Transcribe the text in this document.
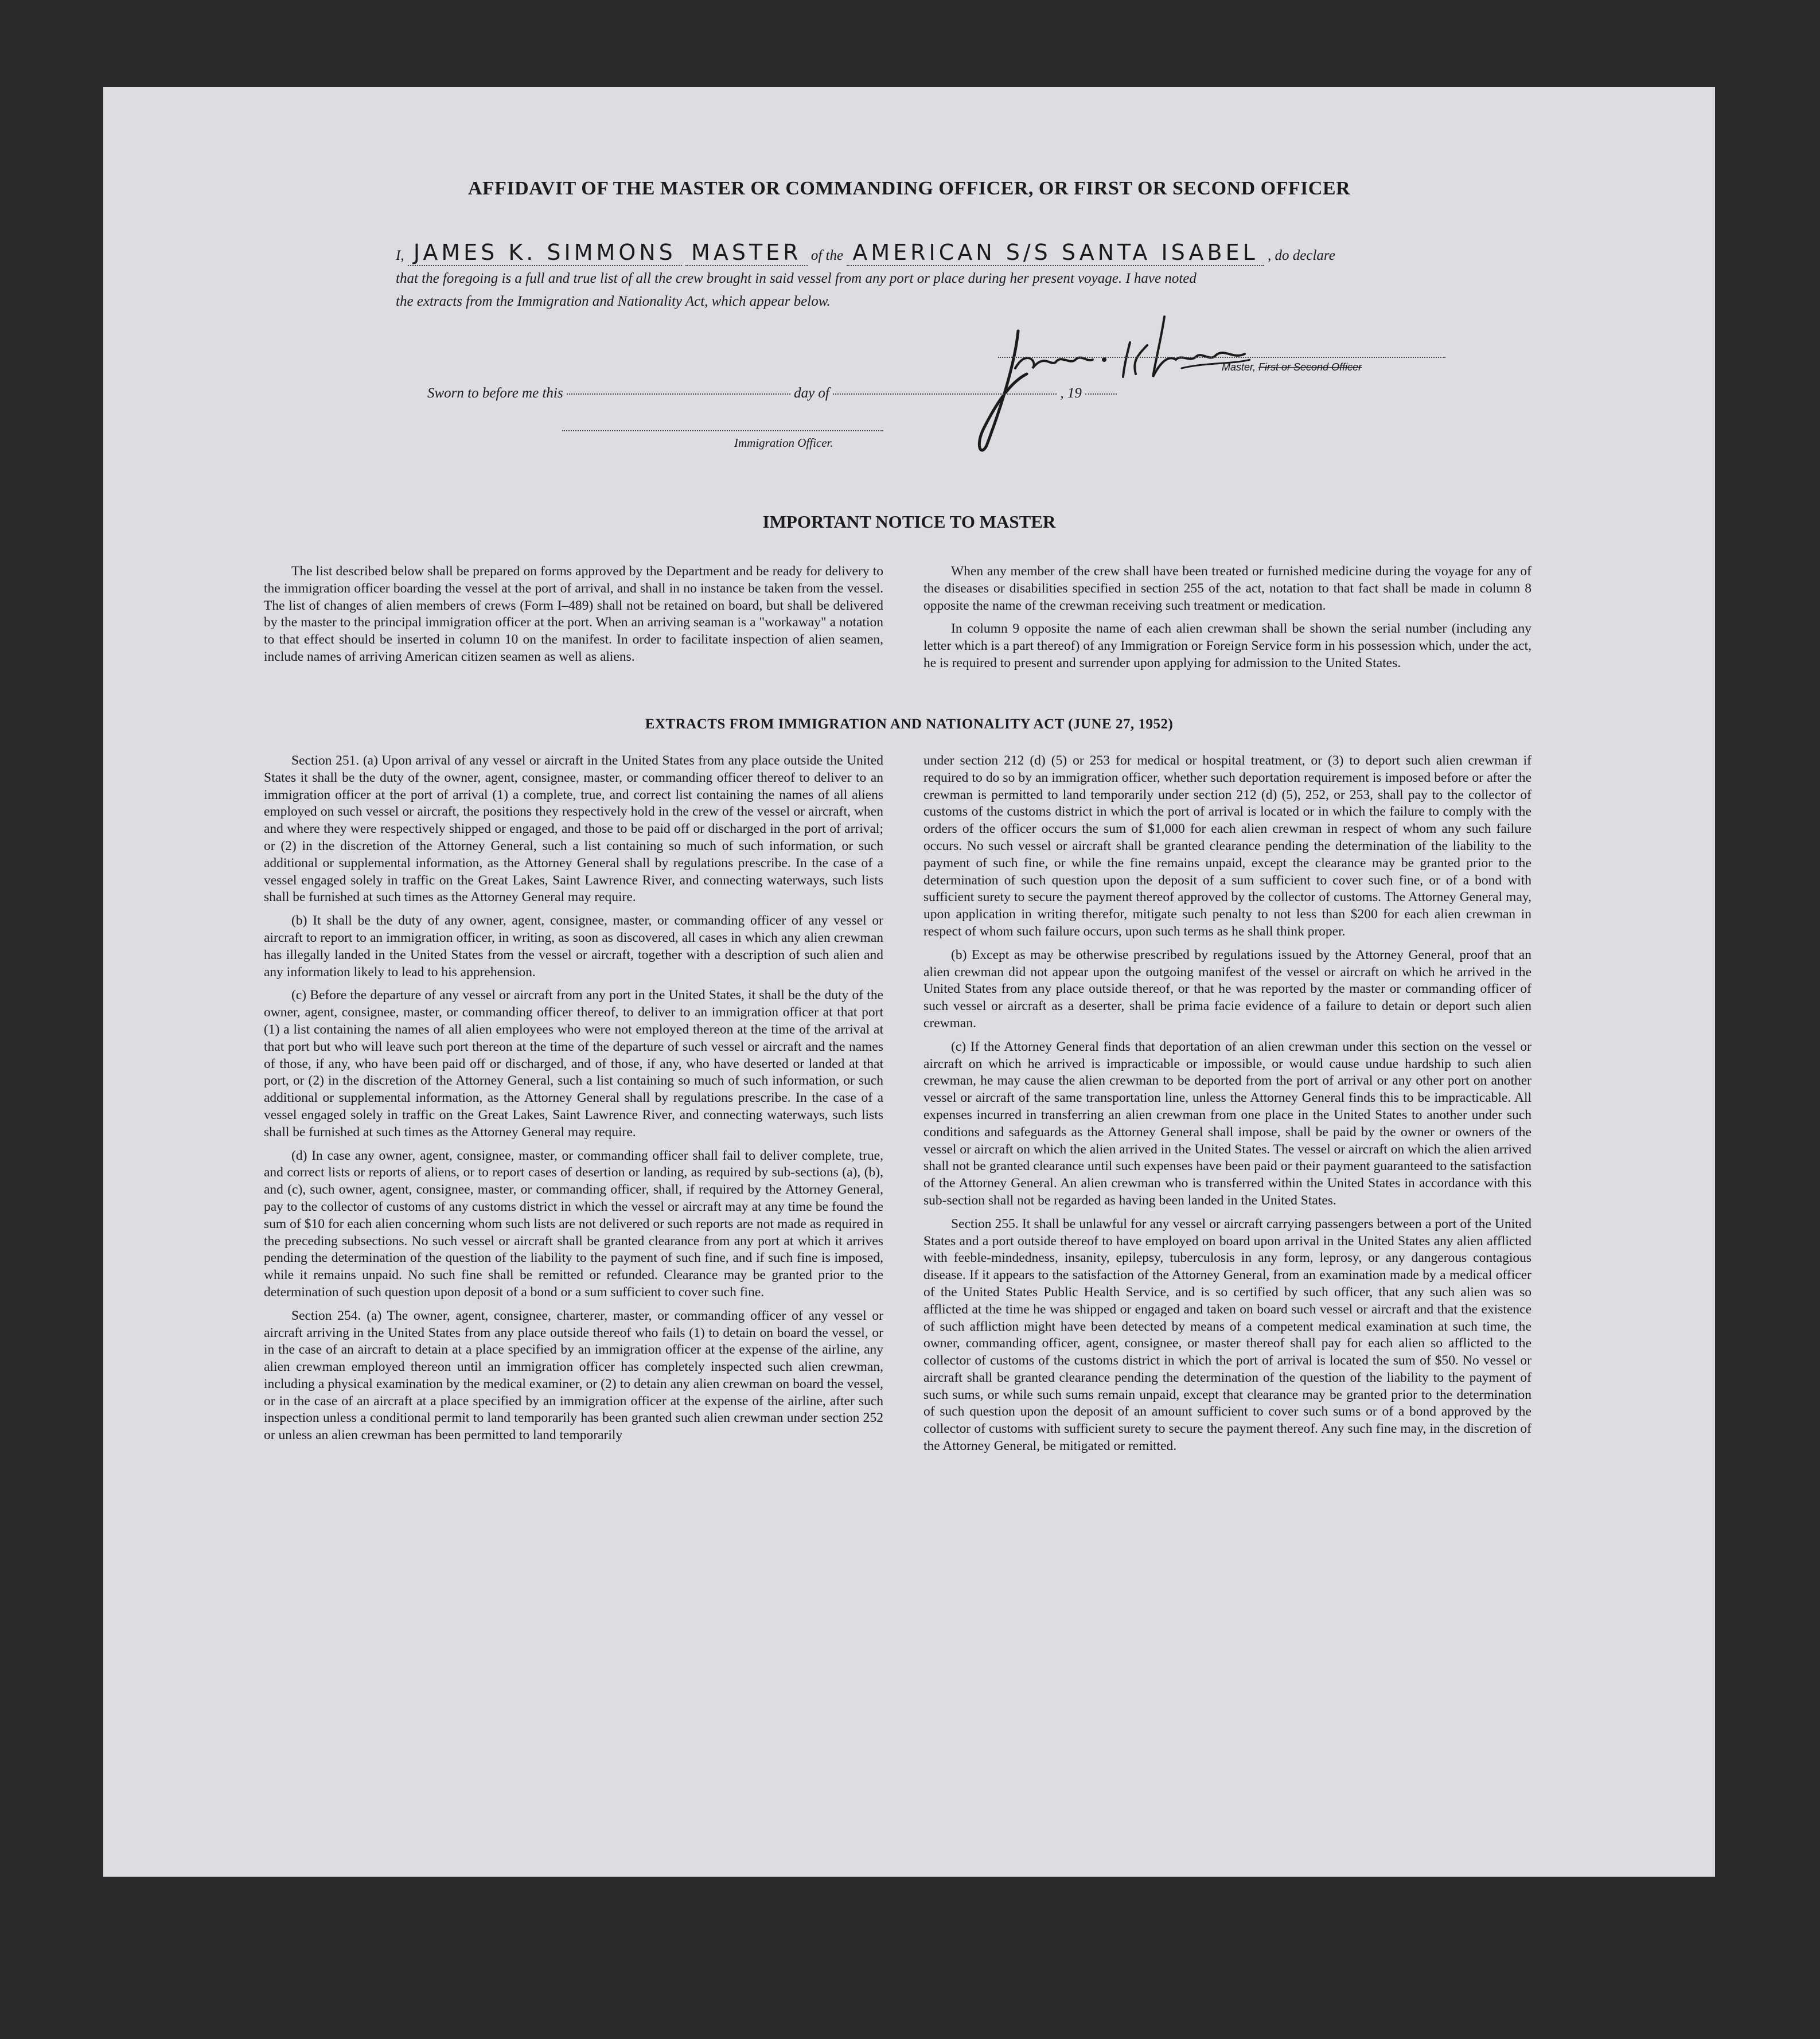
AFFIDAVIT OF THE MASTER OR COMMANDING OFFICER, OR FIRST OR SECOND OFFICER
I, JAMES K. SIMMONS MASTER of the AMERICAN S/S SANTA ISABEL , do declare
that the foregoing is a full and true list of all the crew brought in said vessel from any port or place during her present voyage. I have noted
the extracts from the Immigration and Nationality Act, which appear below.
Master, First or Second Officer
Sworn to before me this	day of	, 19
Immigration Officer.
IMPORTANT NOTICE TO MASTER

The list described below shall be prepared on forms approved by the Department and be ready for delivery to the immigration officer boarding the vessel at the port of arrival, and shall in no instance be taken from the vessel. The list of changes of alien members of crews (Form I–489) shall not be retained on board, but shall be delivered by the master to the principal immigration officer at the port. When an arriving seaman is a "workaway" a notation to that effect should be inserted in column 10 on the manifest. In order to facilitate inspection of alien seamen, include names of arriving American citizen seamen as well as aliens.

When any member of the crew shall have been treated or furnished medicine during the voyage for any of the diseases or disabilities specified in section 255 of the act, notation to that fact shall be made in column 8 opposite the name of the crewman receiving such treatment or medication.

In column 9 opposite the name of each alien crewman shall be shown the serial number (including any letter which is a part thereof) of any Immigration or Foreign Service form in his possession which, under the act, he is required to present and surrender upon applying for admission to the United States.

EXTRACTS FROM IMMIGRATION AND NATIONALITY ACT (JUNE 27, 1952)

Section 251. (a) Upon arrival of any vessel or aircraft in the United States from any place outside the United States it shall be the duty of the owner, agent, consignee, master, or commanding officer thereof to deliver to an immigration officer at the port of arrival (1) a complete, true, and correct list containing the names of all aliens employed on such vessel or aircraft, the positions they respectively hold in the crew of the vessel or aircraft, when and where they were respectively shipped or engaged, and those to be paid off or discharged in the port of arrival; or (2) in the discretion of the Attorney General, such a list containing so much of such information, or such additional or supplemental information, as the Attorney General shall by regulations prescribe. In the case of a vessel engaged solely in traffic on the Great Lakes, Saint Lawrence River, and connecting waterways, such lists shall be furnished at such times as the Attorney General may require.

(b) It shall be the duty of any owner, agent, consignee, master, or commanding officer of any vessel or aircraft to report to an immigration officer, in writing, as soon as discovered, all cases in which any alien crewman has illegally landed in the United States from the vessel or aircraft, together with a description of such alien and any information likely to lead to his apprehension.

(c) Before the departure of any vessel or aircraft from any port in the United States, it shall be the duty of the owner, agent, consignee, master, or commanding officer thereof, to deliver to an immigration officer at that port (1) a list containing the names of all alien employees who were not employed thereon at the time of the arrival at that port but who will leave such port thereon at the time of the departure of such vessel or aircraft and the names of those, if any, who have been paid off or discharged, and of those, if any, who have deserted or landed at that port, or (2) in the discretion of the Attorney General, such a list containing so much of such information, or such additional or supplemental information, as the Attorney General shall by regulations prescribe. In the case of a vessel engaged solely in traffic on the Great Lakes, Saint Lawrence River, and connecting waterways, such lists shall be furnished at such times as the Attorney General may require.

(d) In case any owner, agent, consignee, master, or commanding officer shall fail to deliver complete, true, and correct lists or reports of aliens, or to report cases of desertion or landing, as required by sub-sections (a), (b), and (c), such owner, agent, consignee, master, or commanding officer, shall, if required by the Attorney General, pay to the collector of customs of any customs district in which the vessel or aircraft may at any time be found the sum of $10 for each alien concerning whom such lists are not delivered or such reports are not made as required in the preceding subsections. No such vessel or aircraft shall be granted clearance from any port at which it arrives pending the determination of the question of the liability to the payment of such fine, and if such fine is imposed, while it remains unpaid. No such fine shall be remitted or refunded. Clearance may be granted prior to the determination of such question upon deposit of a bond or a sum sufficient to cover such fine.

Section 254. (a) The owner, agent, consignee, charterer, master, or commanding officer of any vessel or aircraft arriving in the United States from any place outside thereof who fails (1) to detain on board the vessel, or in the case of an aircraft to detain at a place specified by an immigration officer at the expense of the airline, any alien crewman employed thereon until an immigration officer has completely inspected such alien crewman, including a physical examination by the medical examiner, or (2) to detain any alien crewman on board the vessel, or in the case of an aircraft at a place specified by an immigration officer at the expense of the airline, after such inspection unless a conditional permit to land temporarily has been granted such alien crewman under section 252 or unless an alien crewman has been permitted to land temporarily

under section 212 (d) (5) or 253 for medical or hospital treatment, or (3) to deport such alien crewman if required to do so by an immigration officer, whether such deportation requirement is imposed before or after the crewman is permitted to land temporarily under section 212 (d) (5), 252, or 253, shall pay to the collector of customs of the customs district in which the port of arrival is located or in which the failure to comply with the orders of the officer occurs the sum of $1,000 for each alien crewman in respect of whom any such failure occurs. No such vessel or aircraft shall be granted clearance pending the determination of the liability to the payment of such fine, or while the fine remains unpaid, except the clearance may be granted prior to the determination of such question upon the deposit of a sum sufficient to cover such fine, or of a bond with sufficient surety to secure the payment thereof approved by the collector of customs. The Attorney General may, upon application in writing therefor, mitigate such penalty to not less than $200 for each alien crewman in respect of whom such failure occurs, upon such terms as he shall think proper.

(b) Except as may be otherwise prescribed by regulations issued by the Attorney General, proof that an alien crewman did not appear upon the outgoing manifest of the vessel or aircraft on which he arrived in the United States from any place outside thereof, or that he was reported by the master or commanding officer of such vessel or aircraft as a deserter, shall be prima facie evidence of a failure to detain or deport such alien crewman.

(c) If the Attorney General finds that deportation of an alien crewman under this section on the vessel or aircraft on which he arrived is impracticable or impossible, or would cause undue hardship to such alien crewman, he may cause the alien crewman to be deported from the port of arrival or any other port on another vessel or aircraft of the same transportation line, unless the Attorney General finds this to be impracticable. All expenses incurred in transferring an alien crewman from one place in the United States to another under such conditions and safeguards as the Attorney General shall impose, shall be paid by the owner or owners of the vessel or aircraft on which the alien arrived in the United States. The vessel or aircraft on which the alien arrived shall not be granted clearance until such expenses have been paid or their payment guaranteed to the satisfaction of the Attorney General. An alien crewman who is transferred within the United States in accordance with this sub-section shall not be regarded as having been landed in the United States.

Section 255. It shall be unlawful for any vessel or aircraft carrying passengers between a port of the United States and a port outside thereof to have employed on board upon arrival in the United States any alien afflicted with feeble-mindedness, insanity, epilepsy, tuberculosis in any form, leprosy, or any dangerous contagious disease. If it appears to the satisfaction of the Attorney General, from an examination made by a medical officer of the United States Public Health Service, and is so certified by such officer, that any such alien was so afflicted at the time he was shipped or engaged and taken on board such vessel or aircraft and that the existence of such affliction might have been detected by means of a competent medical examination at such time, the owner, commanding officer, agent, consignee, or master thereof shall pay for each alien so afflicted to the collector of customs of the customs district in which the port of arrival is located the sum of $50. No vessel or aircraft shall be granted clearance pending the determination of the question of the liability to the payment of such sums, or while such sums remain unpaid, except that clearance may be granted prior to the determination of such question upon the deposit of an amount sufficient to cover such sums or of a bond approved by the collector of customs with sufficient surety to secure the payment thereof. Any such fine may, in the discretion of the Attorney General, be mitigated or remitted.
